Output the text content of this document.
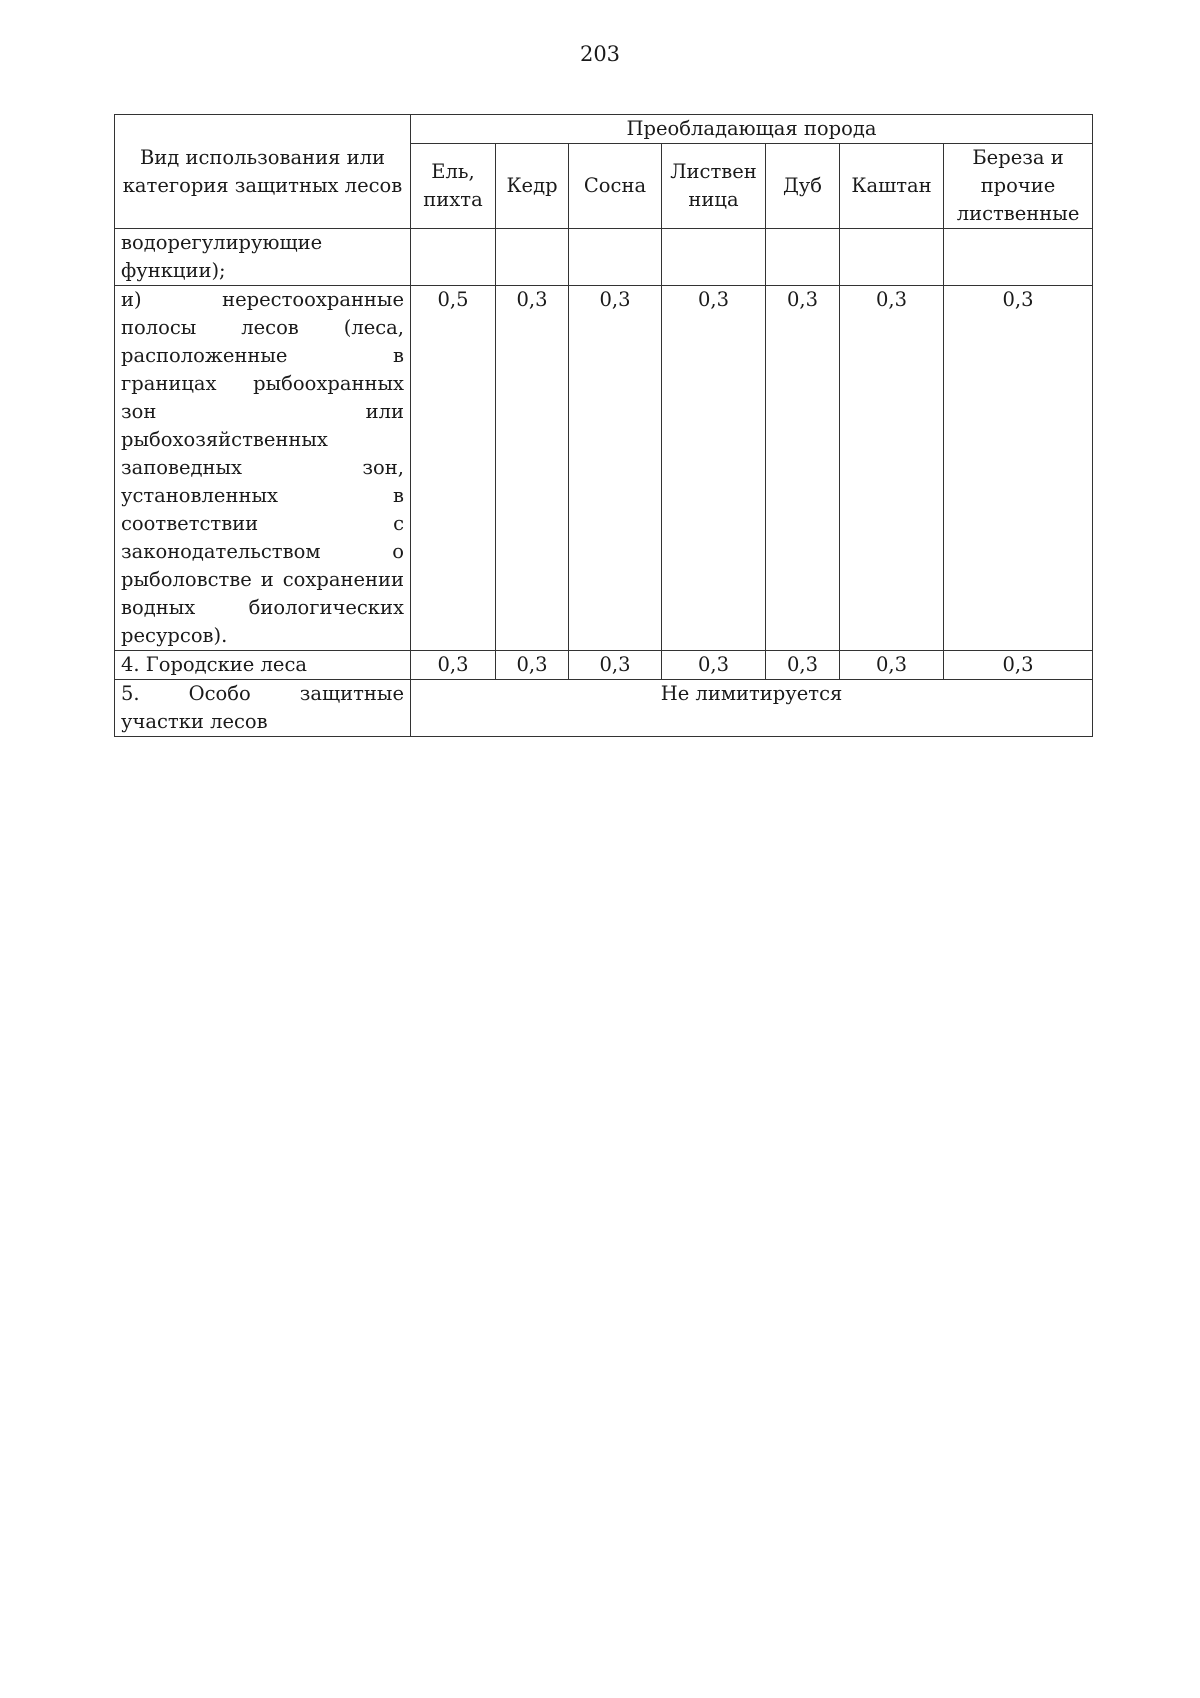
203
Вид использования или категория защитных лесов	Преобладающая порода						
	Ель, пихта	Кедр	Сосна	Листвен ница	Дуб	Каштан	Береза и прочие лиственные
водорегулирующие функции);							
и) нерестоохранные полосы лесов (леса, расположенные в границах рыбоохранных зон или рыбохозяйственных заповедных зон, установленных в соответствии с законодательством о рыболовстве и сохранении водных биологических ресурсов).	0,5	0,3	0,3	0,3	0,3	0,3	0,3
4. Городские леса	0,3	0,3	0,3	0,3	0,3	0,3	0,3
5. Особо защитные участки лесов	Не лимитируется						
